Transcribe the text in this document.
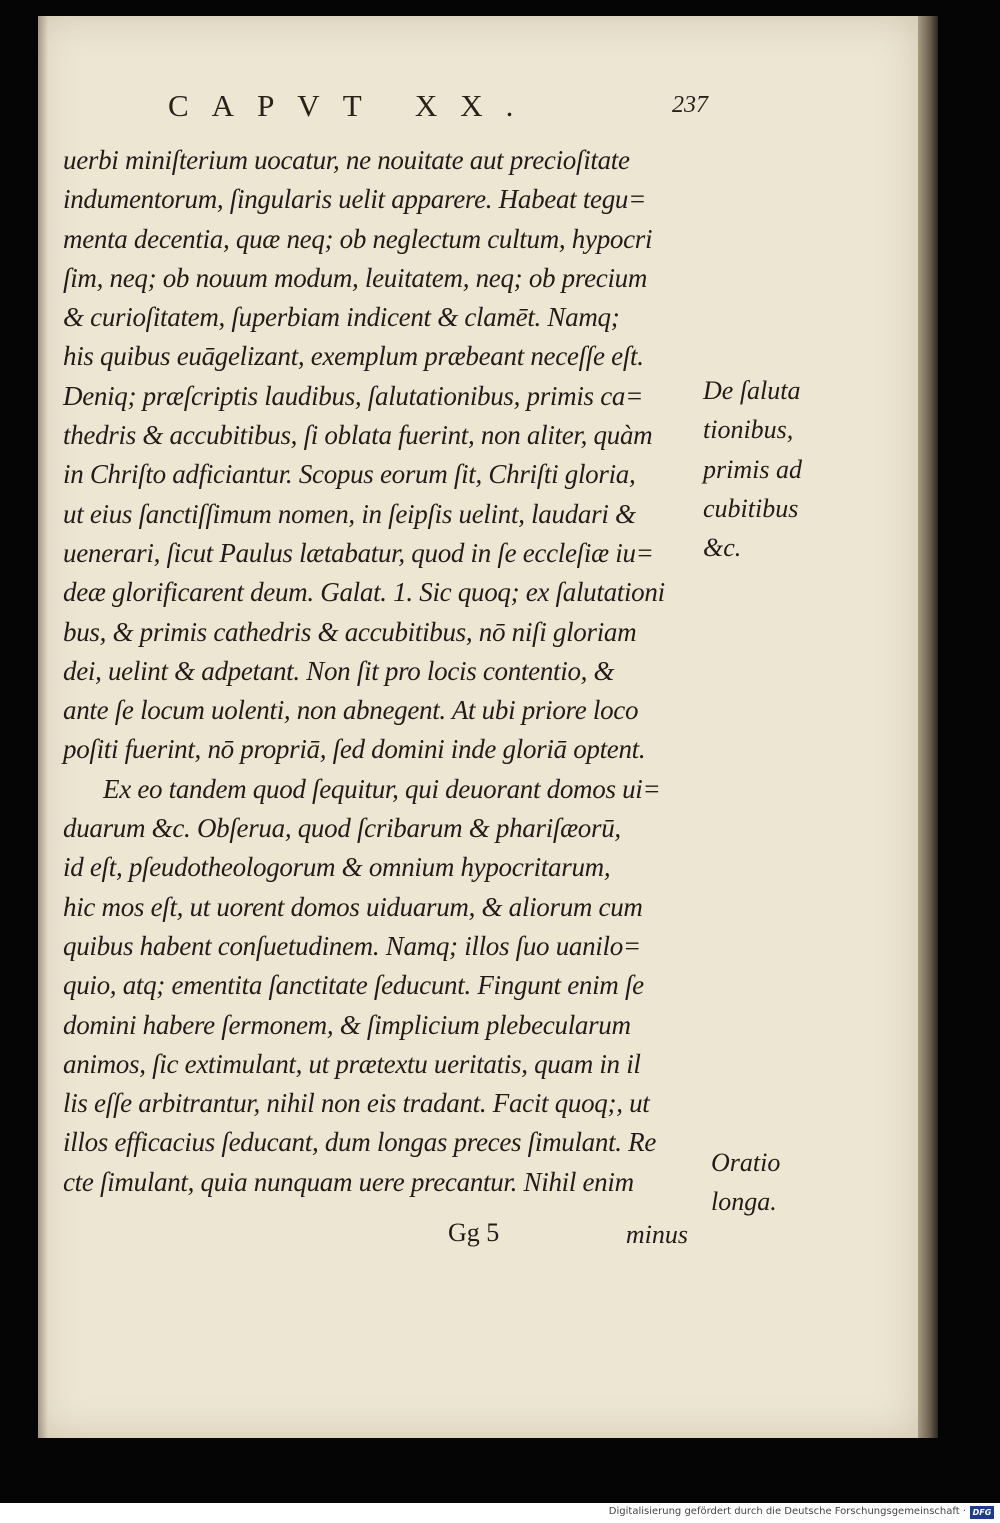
CAPVT XX.	237
uerbi miniſterium uocatur, ne nouitate aut precioſitate
indumentorum, ſingularis uelit apparere. Habeat tegu=
menta decentia, quæ neq; ob neglectum cultum, hypocri
ſim, neq; ob nouum modum, leuitatem, neq; ob precium
& curioſitatem, ſuperbiam indicent & clamēt. Namq;
his quibus euāgelizant, exemplum præbeant neceſſe eſt.
Deniq; præſcriptis laudibus, ſalutationibus, primis ca=
thedris & accubitibus, ſi oblata fuerint, non aliter, quàm
in Chriſto adficiantur. Scopus eorum ſit, Chriſti gloria,
ut eius ſanctiſſimum nomen, in ſeipſis uelint, laudari &
uenerari, ſicut Paulus lætabatur, quod in ſe eccleſiæ iu=
deæ glorificarent deum. Galat. 1. Sic quoq; ex ſalutationi
bus, & primis cathedris & accubitibus, nō niſi gloriam
dei, uelint & adpetant. Non ſit pro locis contentio, &
ante ſe locum uolenti, non abnegent. At ubi priore loco
poſiti fuerint, nō propriā, ſed domini inde gloriā optent.
Ex eo tandem quod ſequitur, qui deuorant domos ui=
duarum &c. Obſerua, quod ſcribarum & phariſæorū,
id eſt, pſeudotheologorum & omnium hypocritarum,
hic mos eſt, ut uorent domos uiduarum, & aliorum cum
quibus habent conſuetudinem. Namq; illos ſuo uanilo=
quio, atq; ementita ſanctitate ſeducunt. Fingunt enim ſe
domini habere ſermonem, & ſimplicium plebecularum
animos, ſic extimulant, ut prætextu ueritatis, quam in il
lis eſſe arbitrantur, nihil non eis tradant. Facit quoq;, ut
illos efficacius ſeducant, dum longas preces ſimulant. Re
cte ſimulant, quia nunquam uere precantur. Nihil enim
De ſaluta
tionibus,
primis ad
cubitibus
&c.
Oratio
longa.
Gg 5	minus
Digitalisierung gefördert durch die Deutsche Forschungsgemeinschaft · DFG
